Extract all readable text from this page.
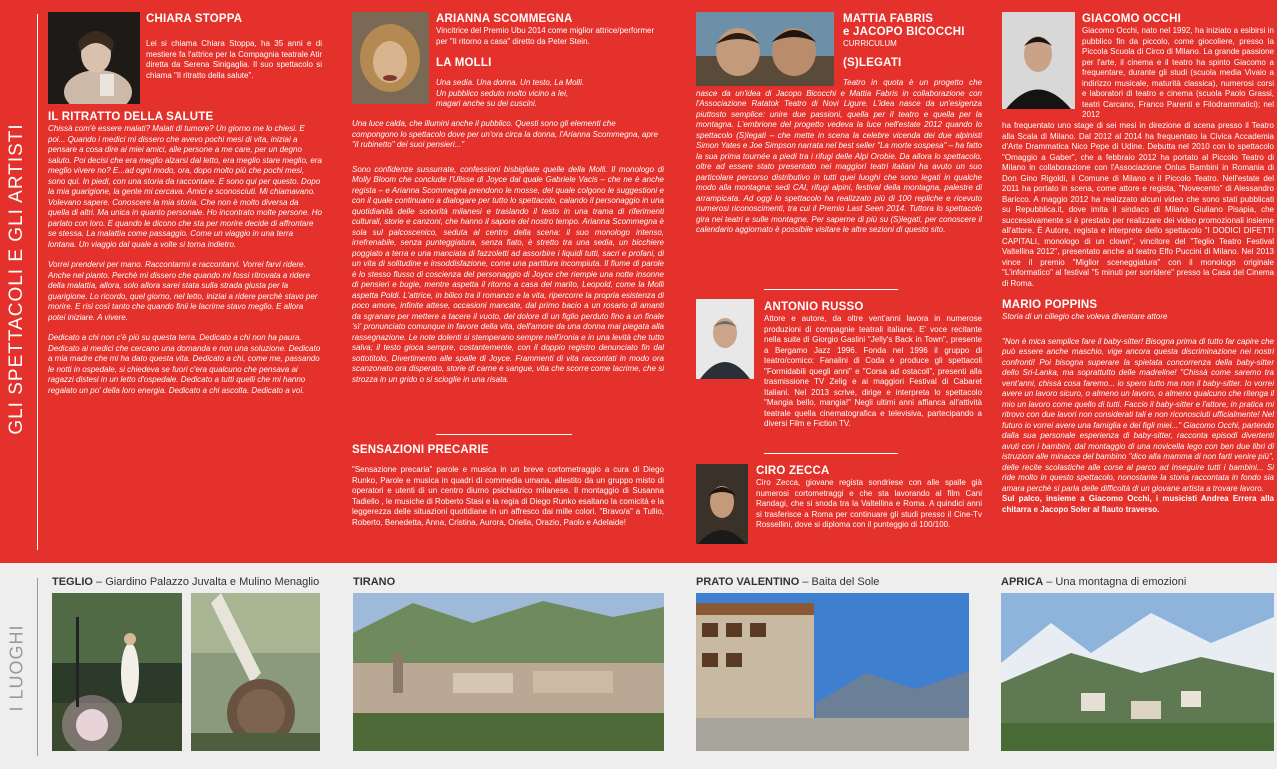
GLI SPETTACOLI E GLI ARTISTI
I LUOGHI

CHIARA STOPPA

Lei si chiama Chiara Stoppa, ha 35 anni e di mestiere fa l'attrice per la Compagnia teatrale Atir diretta da Serena Sinigaglia. Il suo spettacolo si chiama "Il ritratto della salute".

IL RITRATTO DELLA SALUTE

Chissà com'è essere malati? Malati di tumore? Un giorno me lo chiesi. E poi... Quando i medici mi dissero che avevo pochi mesi di vita, iniziai a pensare a cosa dire ai miei amici, alle persone a me care, per un degno saluto. Poi decisi che era meglio alzarsi dal letto, era meglio stare meglio, era meglio vivere no? E...ad ogni modo, ora, dopo molto più che pochi mesi, sono qui. In piedi, con una storia da raccontare. E sono qui per questo. Dopo la mia guarigione, la gente mi cercava. Amici e sconosciuti. Mi chiamavano. Volevano sapere. Conoscere la mia storia. Che non è molto diversa da quella di altri. Ma unica in quanto personale. Ho incontrato molte persone. Ho parlato con loro. E quando le dicono che sta per morire decide di affrontare se stessa. La malattia come passaggio. Come un viaggio in una terra lontana. Un viaggio dal quale a volte si torna indietro.

Vorrei prendervi per mano. Raccontarmi e raccontarvi. Vorrei farvi ridere. Anche nel pianto. Perchè mi dissero che quando mi fossi ritrovata a ridere della malattia, allora, solo allora sarei stata sulla strada giusta per la guarigione. Lo ricordo, quel giorno, nel letto, iniziai a ridere perchè stavo per morire. E risi così tanto che quando finii le lacrime stavo meglio. E allora potei iniziare. A vivere.

Dedicato a chi non c'è più su questa terra. Dedicato a chi non ha paura. Dedicato ai medici che cercano una domanda e non una soluzione. Dedicato a mia madre che mi ha dato questa vita. Dedicato a chi, come me, passando le notti in ospedale, si chiedeva se fuori c'era qualcuno che pensava ai ragazzi distesi in un letto d'ospedale. Dedicato a tutti quelli che mi hanno regalato un po' della loro energia. Dedicato a chi ascolta. Dedicato a voi.

ARIANNA SCOMMEGNA

Vincitrice del Premio Ubu 2014 come miglior attrice/performer per "Il ritorno a casa" diretto da Peter Stein.

LA MOLLI

Una sedia. Una donna. Un testo, La Molli. Un pubblico seduto molto vicino a lei, magari anche su dei cuscini.

Una luce calda, che illumini anche il pubblico. Questi sono gli elementi che compongono lo spettacolo dove per un'ora circa la donna, l'Arianna Scommegna, apre "il rubinetto" dei suoi pensieri..."

Sono confidenze sussurrate, confessioni bisbigliate quelle della Molli. Il monologo di Molly Bloom che conclude l'Ulisse di Joyce dal quale Gabriele Vacis – che ne è anche regista – e Arianna Scommegna prendono le mosse, del quale colgono le suggestioni e con il quale continuano a dialogare per tutto lo spettacolo, calando il personaggio in una quotidianità delle sonorità milanesi e traslando il testo in una trama di riferimenti culturali, storie e canzoni, che hanno il sapore del nostro tempo. Arianna Scommegna è sola sul palcoscenico, seduta al centro della scena: il suo monologo intenso, irrefrenabile, senza punteggiatura, senza fiato, è stretto tra una sedia, un bicchiere poggiato a terra e una manciata di fazzoletti ad assorbire i liquidi tutti, sacri e profani, di un vita di solitudine e insoddisfazione, come una partitura incompiuta. Il fiume di parole è lo stesso flusso di coscienza del personaggio di Joyce che riempie una notte insonne di pensieri e bugie, mentre aspetta il ritorno a casa del marito, Leopold, come la Molli aspetta Poldi. L'attrice, in bilico tra il romanzo e la vita, ripercorre la propria esistenza di poco amore, infinite attese, occasioni mancate, dal primo bacio a un rosario di amanti da sgranare per mettere a tacere il vuoto, del dolore di un figlio perduto fino a un finale 'sì' pronunciato comunque in favore della vita, dell'amore da una donna mai piegata alla rassegnazione. Le note dolenti si stemperano sempre nell'ironia e in una levità che tutto salva; il testo gioca sempre, costantemente, con il doppio registro denunciato fin dal sottotitolo, Divertimento alle spalle di Joyce. Frammenti di vita raccontati in modo ora scanzonato ora disperato, storie di carne e sangue, vita che scorre come lacrime, che si strozza in un grido o si scioglie in una risata.

SENSAZIONI PRECARIE

"Sensazione precaria" parole e musica in un breve cortometraggio a cura di Diego Runko, Parole e musica in quadri di commedia umana, allestito da un gruppo misto di operatori e utenti di un centro diurno psichiatrico milanese. Il montaggio di Susanna Tadiello , le musiche di Roberto Stasi e la regia di Diego Runko esaltano la comicità e la leggerezza delle situazioni quotidiane in un affresco dai mille colori. "Bravo/a" a Tullio, Roberto, Benedetta, Anna, Cristina, Aurora, Oriella, Orazio, Paolo e Adelaide!

MATTIA FABRIS

e JACOPO BICOCCHI

CURRICULUM

(S)LEGATI

Teatro in quota è un progetto che nasce da un'idea di Jacopo Bicocchi e Mattia Fabris in collaborazione con l'Associazione Ratatok Teatro di Novi Ligure. L'idea nasce da un'esigenza piuttosto semplice: unire due passioni, quella per il teatro e quella per la montagna. L'embrione del progetto vedeva la luce nell'estate 2012 quando lo spettacolo (S)legati – che mette in scena la celebre vicenda dei due alpinisti Simon Yates e Joe Simpson narrata nel best seller "La morte sospesa" – ha fatto la sua prima tournée a piedi tra i rifugi delle Alpi Orobie. Da allora lo spettacolo, oltre ad essere stato presentato nei maggiori teatri italiani ha avuto un suo particolare percorso distributivo in tutti quei luoghi che sono legati in qualche modo alla montagna: sedi CAI, rifugi alpini, festival della montagna, palestre di arrampicata. Ad oggi lo spettacolo ha realizzato più di 100 repliche e ricevuto numerosi riconoscimenti, tra cui il Premio Last Seen 2014. Tuttora lo spettacolo gira nei teatri e sulle montagne. Per saperne di più su (S)legati, per conoscere il calendario aggiornato è possibile visitare le altre sezioni di questo sito.

ANTONIO RUSSO

Attore e autore, da oltre vent'anni lavora in numerose produzioni di compagnie teatrali italiane. E' voce recitante nella suite di Giorgio Gaslini "Jelly's Back in Town", presente a Bergamo Jazz 1996. Fonda nel 1996 il gruppo di teatro/comico: Fanalini di Coda e produce gli spettacoli "Formidabili quegli anni" e "Corsa ad ostacoli", presenti alla trasmissione TV Zelig e ai maggiori Festival di Cabaret Italiani. Nel 2013 scrive, dirige e interpreta lo spettacolo "Mangia bello, mangia!" Negli ultimi anni affianca all'attività teatrale quella cinematografica e televisiva, partecipando a diversi Film e Fiction TV.

CIRO ZECCA

Ciro Zecca, giovane regista sondriese con alle spalle già numerosi cortometraggi e che sta lavorando al film Cani Randagi, che si snoda tra la Valtellina e Roma. A quindici anni si trasferisce a Roma per continuare gli studi presso il Cine-Tv Rossellini, dove si diploma con il punteggio di 100/100.

GIACOMO OCCHI

Giacomo Occhi, nato nel 1992, ha iniziato a esibirsi in pubblico fin da piccolo, come giocoliere, presso la Piccola Scuola di Circo di Milano. La grande passione per l'arte, il cinema e il teatro ha spinto Giacomo a frequentare, durante gli studi (scuola media Vivaio a indirizzo musicale, maturità classica), numerosi corsi e laboratori di teatro e cinema (scuola Paolo Grassi, teatri Carcano, Franco Parenti e Filodrammatici); nel 2012

ha frequentato uno stage di sei mesi in direzione di scena presso il Teatro alla Scala di Milano. Dal 2012 al 2014 ha frequentato la Civica Accademia d'Arte Drammatica Nico Pepe di Udine. Debutta nel 2010 con lo spettacolo "Omaggio a Gaber", che a febbraio 2012 ha portato al Piccolo Teatro di Milano in collaborazione con l'Associazione Onlus Bambini in Romania di Don Gino Rigoldi, il Comune di Milano e il Piccolo Teatro. Nell'estate del 2011 ha portato in scena, come attore e regista, "Novecento" di Alessandro Baricco. A maggio 2012 ha realizzato alcuni video che sono stati pubblicati su Repubblica.it, dove imita il sindaco di Milano Giuliano Pisapia, che successivamente si è prestato per realizzare dei video promozionali insieme all'attore. È Autore, regista e interprete dello spettacolo "I DODICI DIFETTI CAPITALI, monologo di un clown", vincitore del "Teglio Teatro Festival Valtellina 2012", presentato anche al teatro Elfo Puccini di Milano. Nel 2013 vince il premio "Miglior sceneggiatura" con il monologo originale "L'informatico" al festival "5 minuti per sorridere" presso la Casa del Cinema di Roma.

MARIO POPPINS

Storia di un ciliegio che voleva diventare attore

"Non è mica semplice fare il baby-sitter! Bisogna prima di tutto far capire che può essere anche maschio, vige ancora questa discriminazione nei nostri confronti! Poi bisogna superare la spietata concorrenza della baby-sitter dello Sri-Lanka, ma soprattutto delle madreline! "Chissà come saremo tra vent'anni, chissà cosa faremo... io spero tutto ma non il baby-sitter. Io vorrei avere un lavoro sicuro, o almeno un lavoro, o almeno qualcuno che ritenga il mio un lavoro come quello di tutti. Faccio il baby-sitter e l'attore, in pratica mi ritrovo con due lavori non considerati tali e non riconosciuti ufficialmente! Nel futuro io vorrei avere una famiglia e dei figli miei..." Giacomo Occhi, partendo dalla sua personale esperienza di baby-sitter, racconta episodi divertenti avuti con i bambini, dal montaggio di una novicella lego con ben due libri di istruzioni alle minacce del bambino "dico alla mamma di non farti venire più", delle recite scolastiche alle corse al parco ad inseguire tutti i bambini... Si ride molto in questo spettacolo, nonostante la storia raccontata in fondo sia amara perchè si parla delle difficoltà di un giovane artista a trovare lavoro.

Sul palco, insieme a Giacomo Occhi, i musicisti Andrea Errera alla chitarra e Jacopo Soler al flauto traverso.

TEGLIO – Giardino Palazzo Juvalta e Mulino Menaglio	TIRANO	PRATO VALENTINO – Baita del Sole	APRICA – Una montagna di emozioni
